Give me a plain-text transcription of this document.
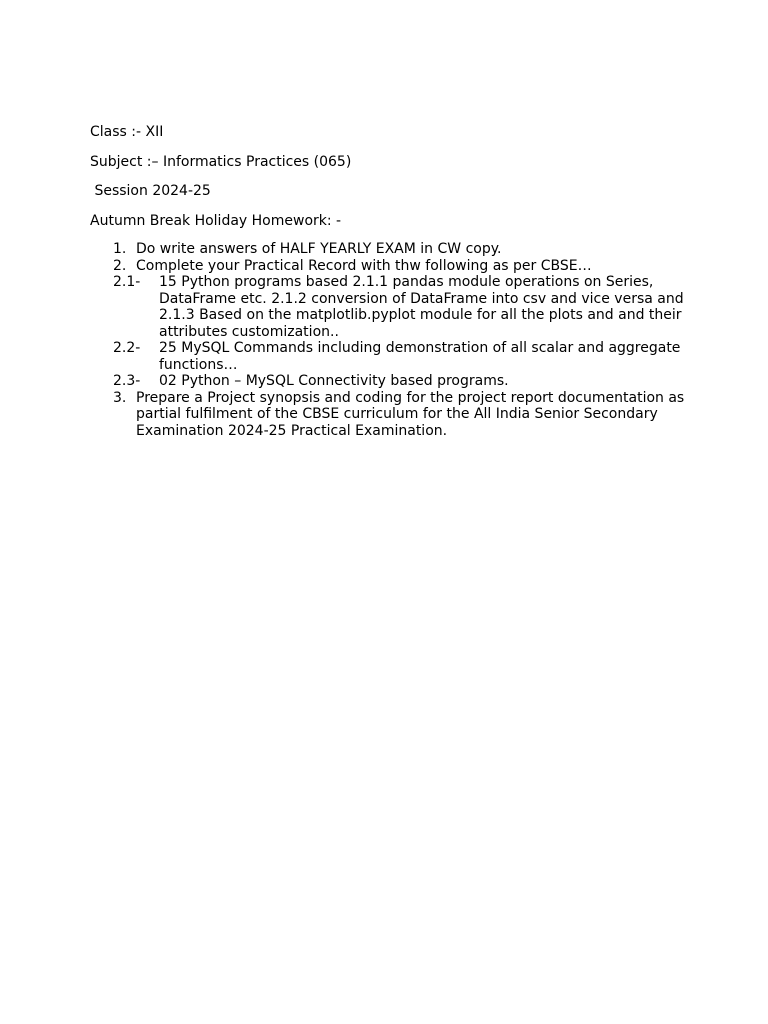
Class :- XII
Subject :– Informatics Practices (065)
Session 2024-25
Autumn Break Holiday Homework: -
1. Do write answers of HALF YEARLY EXAM in CW copy.
2. Complete your Practical Record with thw following as per CBSE…
2.1- 15 Python programs based 2.1.1 pandas module operations on Series, DataFrame etc. 2.1.2 conversion of DataFrame into csv and vice versa and 2.1.3 Based on the matplotlib.pyplot module for all the plots and and their attributes customization..
2.2- 25 MySQL Commands including demonstration of all scalar and aggregate functions…
2.3- 02 Python – MySQL Connectivity based programs.
3. Prepare a Project synopsis and coding for the project report documentation as partial fulfilment of the CBSE curriculum for the All India Senior Secondary Examination 2024-25 Practical Examination.
